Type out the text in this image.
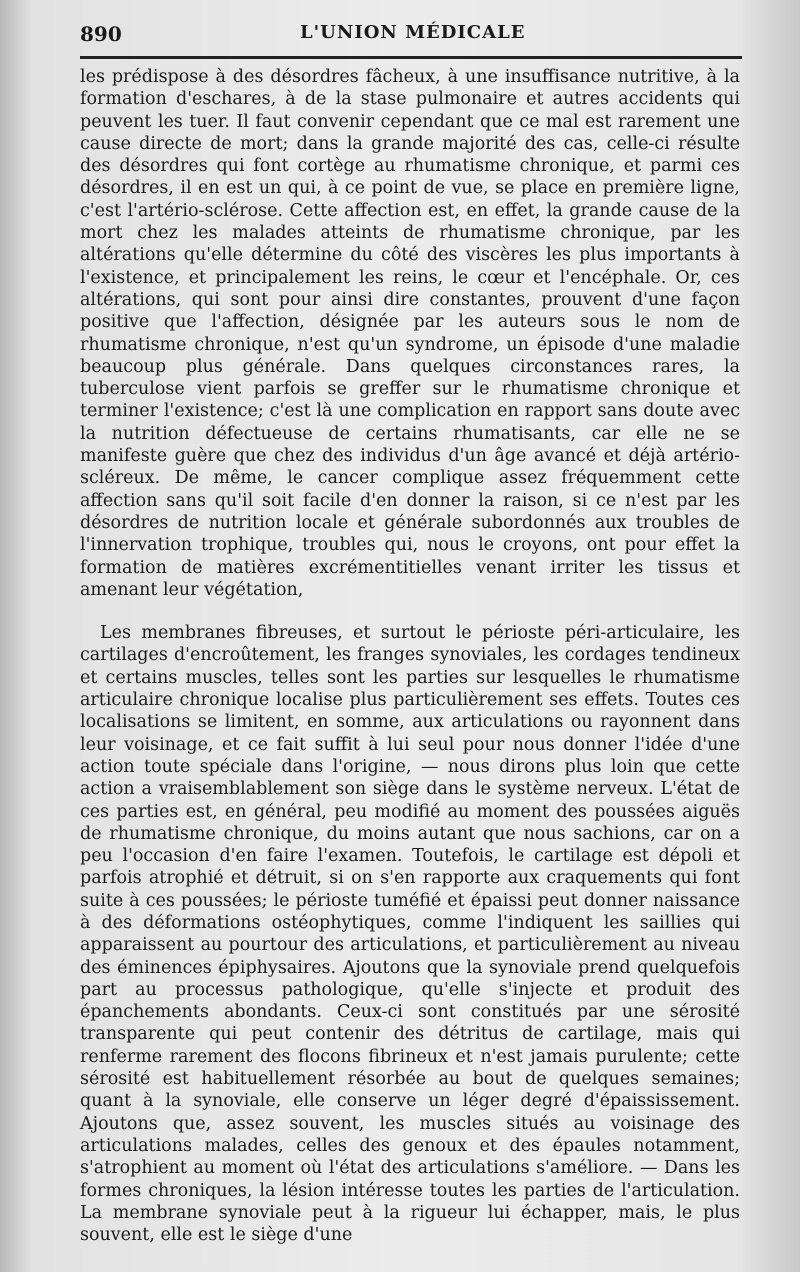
890	L'UNION MÉDICALE

les prédispose à des désordres fâcheux, à une insuffisance nutritive, à la formation d'eschares, à de la stase pulmonaire et autres accidents qui peuvent les tuer. Il faut convenir cependant que ce mal est rarement une cause directe de mort; dans la grande majorité des cas, celle-ci résulte des désordres qui font cortège au rhumatisme chronique, et parmi ces désordres, il en est un qui, à ce point de vue, se place en première ligne, c'est l'artério-sclérose. Cette affection est, en effet, la grande cause de la mort chez les malades atteints de rhumatisme chronique, par les altérations qu'elle détermine du côté des viscères les plus importants à l'existence, et principalement les reins, le cœur et l'encéphale. Or, ces altérations, qui sont pour ainsi dire constantes, prouvent d'une façon positive que l'affection, désignée par les auteurs sous le nom de rhumatisme chronique, n'est qu'un syndrome, un épisode d'une maladie beaucoup plus générale. Dans quelques circonstances rares, la tuberculose vient parfois se greffer sur le rhumatisme chronique et terminer l'existence; c'est là une complication en rapport sans doute avec la nutrition défectueuse de certains rhumatisants, car elle ne se manifeste guère que chez des individus d'un âge avancé et déjà artério-scléreux. De même, le cancer complique assez fréquemment cette affection sans qu'il soit facile d'en donner la raison, si ce n'est par les désordres de nutrition locale et générale subordonnés aux troubles de l'innervation trophique, troubles qui, nous le croyons, ont pour effet la formation de matières excrémentitielles venant irriter les tissus et amenant leur végétation,

Les membranes fibreuses, et surtout le périoste péri-articulaire, les cartilages d'encroûtement, les franges synoviales, les cordages tendineux et certains muscles, telles sont les parties sur lesquelles le rhumatisme articulaire chronique localise plus particulièrement ses effets. Toutes ces localisations se limitent, en somme, aux articulations ou rayonnent dans leur voisinage, et ce fait suffit à lui seul pour nous donner l'idée d'une action toute spéciale dans l'origine, — nous dirons plus loin que cette action a vraisemblablement son siège dans le système nerveux. L'état de ces parties est, en général, peu modifié au moment des poussées aiguës de rhumatisme chronique, du moins autant que nous sachions, car on a peu l'occasion d'en faire l'examen. Toutefois, le cartilage est dépoli et parfois atrophié et détruit, si on s'en rapporte aux craquements qui font suite à ces poussées; le périoste tuméfié et épaissi peut donner naissance à des déformations ostéophytiques, comme l'indiquent les saillies qui apparaissent au pourtour des articulations, et particulièrement au niveau des éminences épiphysaires. Ajoutons que la synoviale prend quelquefois part au processus pathologique, qu'elle s'injecte et produit des épanchements abondants. Ceux-ci sont constitués par une sérosité transparente qui peut contenir des détritus de cartilage, mais qui renferme rarement des flocons fibrineux et n'est jamais purulente; cette sérosité est habituellement résorbée au bout de quelques semaines; quant à la synoviale, elle conserve un léger degré d'épaississement. Ajoutons que, assez souvent, les muscles situés au voisinage des articulations malades, celles des genoux et des épaules notamment, s'atrophient au moment où l'état des articulations s'améliore. — Dans les formes chroniques, la lésion intéresse toutes les parties de l'articulation. La membrane synoviale peut à la rigueur lui échapper, mais, le plus souvent, elle est le siège d'une
